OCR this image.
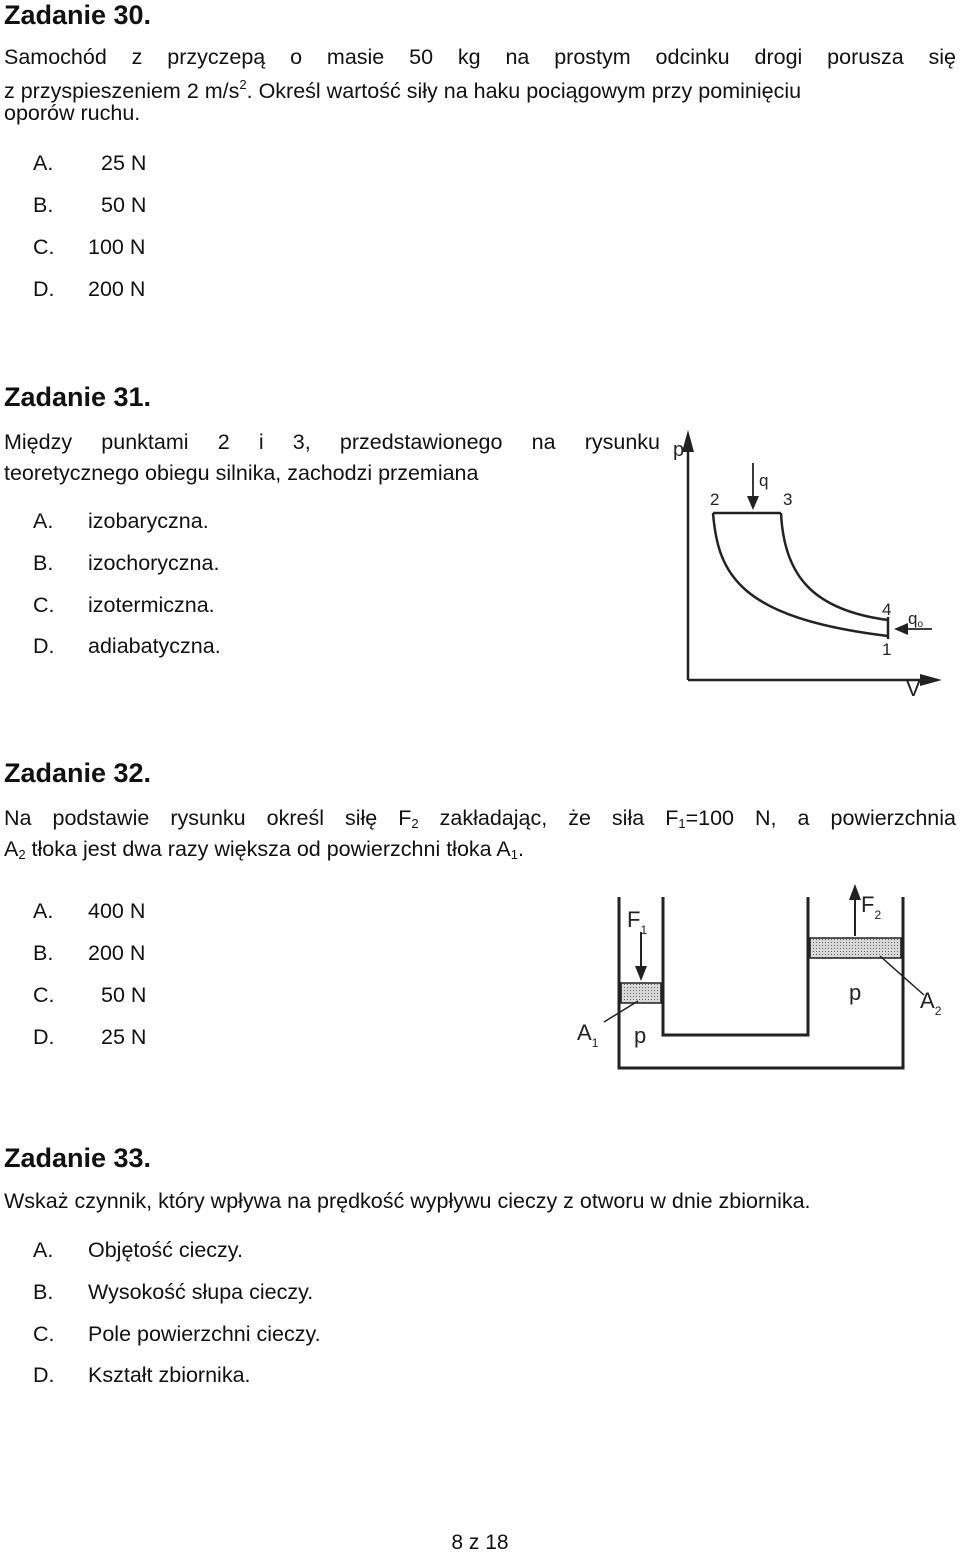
Zadanie 30.
Samochód z przyczepą o masie 50 kg na prostym odcinku drogi porusza się
z przyspieszeniem 2 $m/s^2$. Określ wartość siły na haku pociągowym przy pominięciu
oporów ruchu.
A. 25 N
B. 50 N
C. 100 N
D. 200 N
Zadanie 31.
Między punktami 2 i 3, przedstawionego na rysunku
teoretycznego obiegu silnika, zachodzi przemiana
A. izobaryczna.
B. izochoryczna.
C. izotermiczna.
D. adiabatyczna.
p
V
q
qo
2	3
4
1
Zadanie 32.
Na podstawie rysunku określ siłę $F_2$ zakładając, że siła $F_1=100$ N, a powierzchnia
$A_2$ tłoka jest dwa razy większa od powierzchni tłoka $A_1$.
A. 400 N
B. 200 N
C. 50 N
D. 25 N
$F_1$
$F_2$
$A_1$
$A_2$
p
p
Zadanie 33.
Wskaż czynnik, który wpływa na prędkość wypływu cieczy z otworu w dnie zbiornika.
A. Objętość cieczy.
B. Wysokość słupa cieczy.
C. Pole powierzchni cieczy.
D. Kształt zbiornika.
8 z 18
